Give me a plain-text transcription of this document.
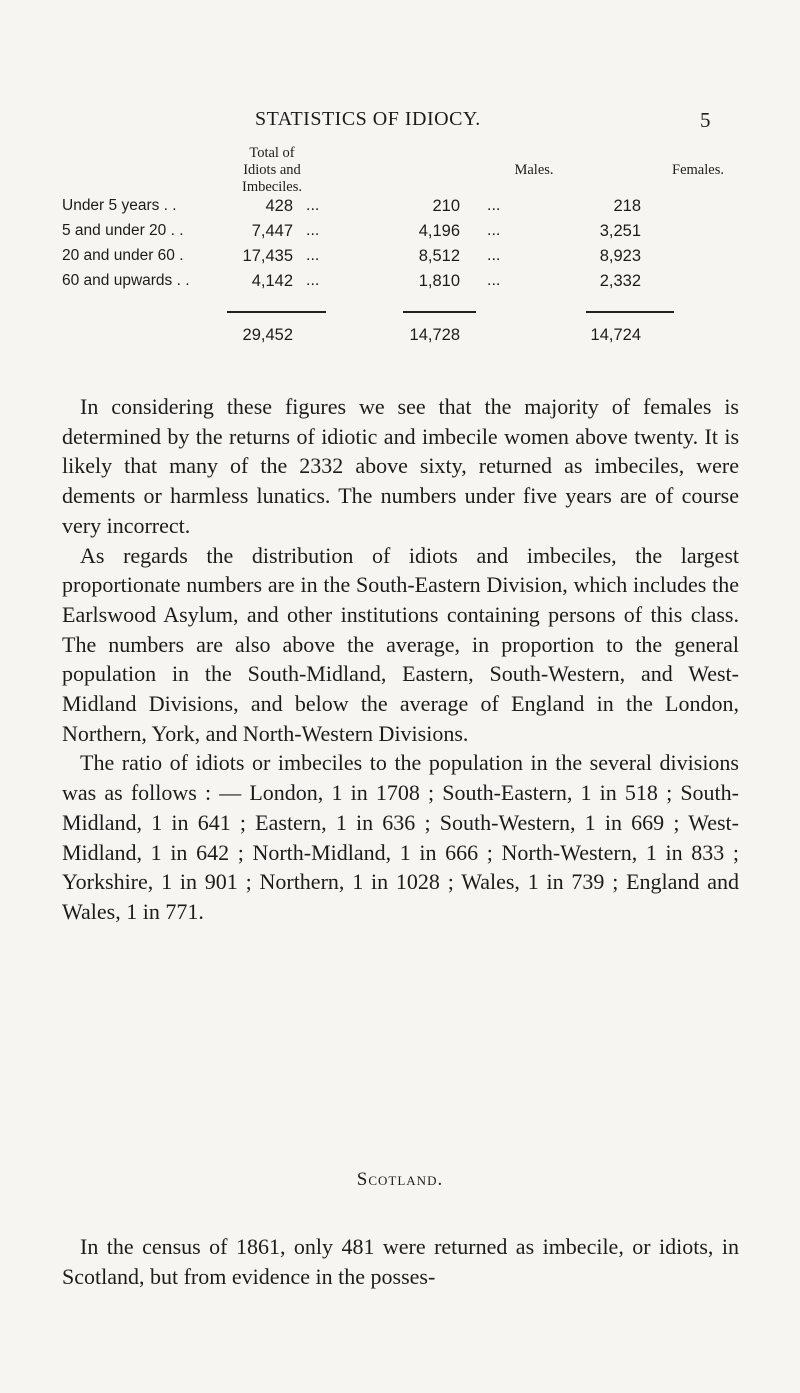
STATISTICS OF IDIOCY.	5
Total of
Idiots and
Imbeciles.
Males.	Females.
Under 5 years . .	428 ...	210 ...	218
5 and under 20 . .	7,447 ...	4,196 ...	3,251
20 and under 60 .	17,435 ...	8,512 ...	8,923
60 and upwards . .	4,142 ...	1,810 ...	2,332
29,452	14,728	14,724

In considering these figures we see that the majority of females is determined by the returns of idiotic and imbecile women above twenty. It is likely that many of the 2332 above sixty, returned as imbeciles, were dements or harmless lunatics. The numbers under five years are of course very incorrect.

As regards the distribution of idiots and imbeciles, the largest proportionate numbers are in the South-Eastern Division, which includes the Earlswood Asylum, and other institutions containing persons of this class. The numbers are also above the average, in proportion to the general population in the South-Midland, Eastern, South-Western, and West-Midland Divisions, and below the average of England in the London, Northern, York, and North-Western Divisions.

The ratio of idiots or imbeciles to the population in the several divisions was as follows : — London, 1 in 1708 ; South-Eastern, 1 in 518 ; South-Midland, 1 in 641 ; Eastern, 1 in 636 ; South-Western, 1 in 669 ; West-Midland, 1 in 642 ; North-Midland, 1 in 666 ; North-Western, 1 in 833 ; Yorkshire, 1 in 901 ; Northern, 1 in 1028 ; Wales, 1 in 739 ; England and Wales, 1 in 771.

Scotland.

In the census of 1861, only 481 were returned as imbecile, or idiots, in Scotland, but from evidence in the posses-
